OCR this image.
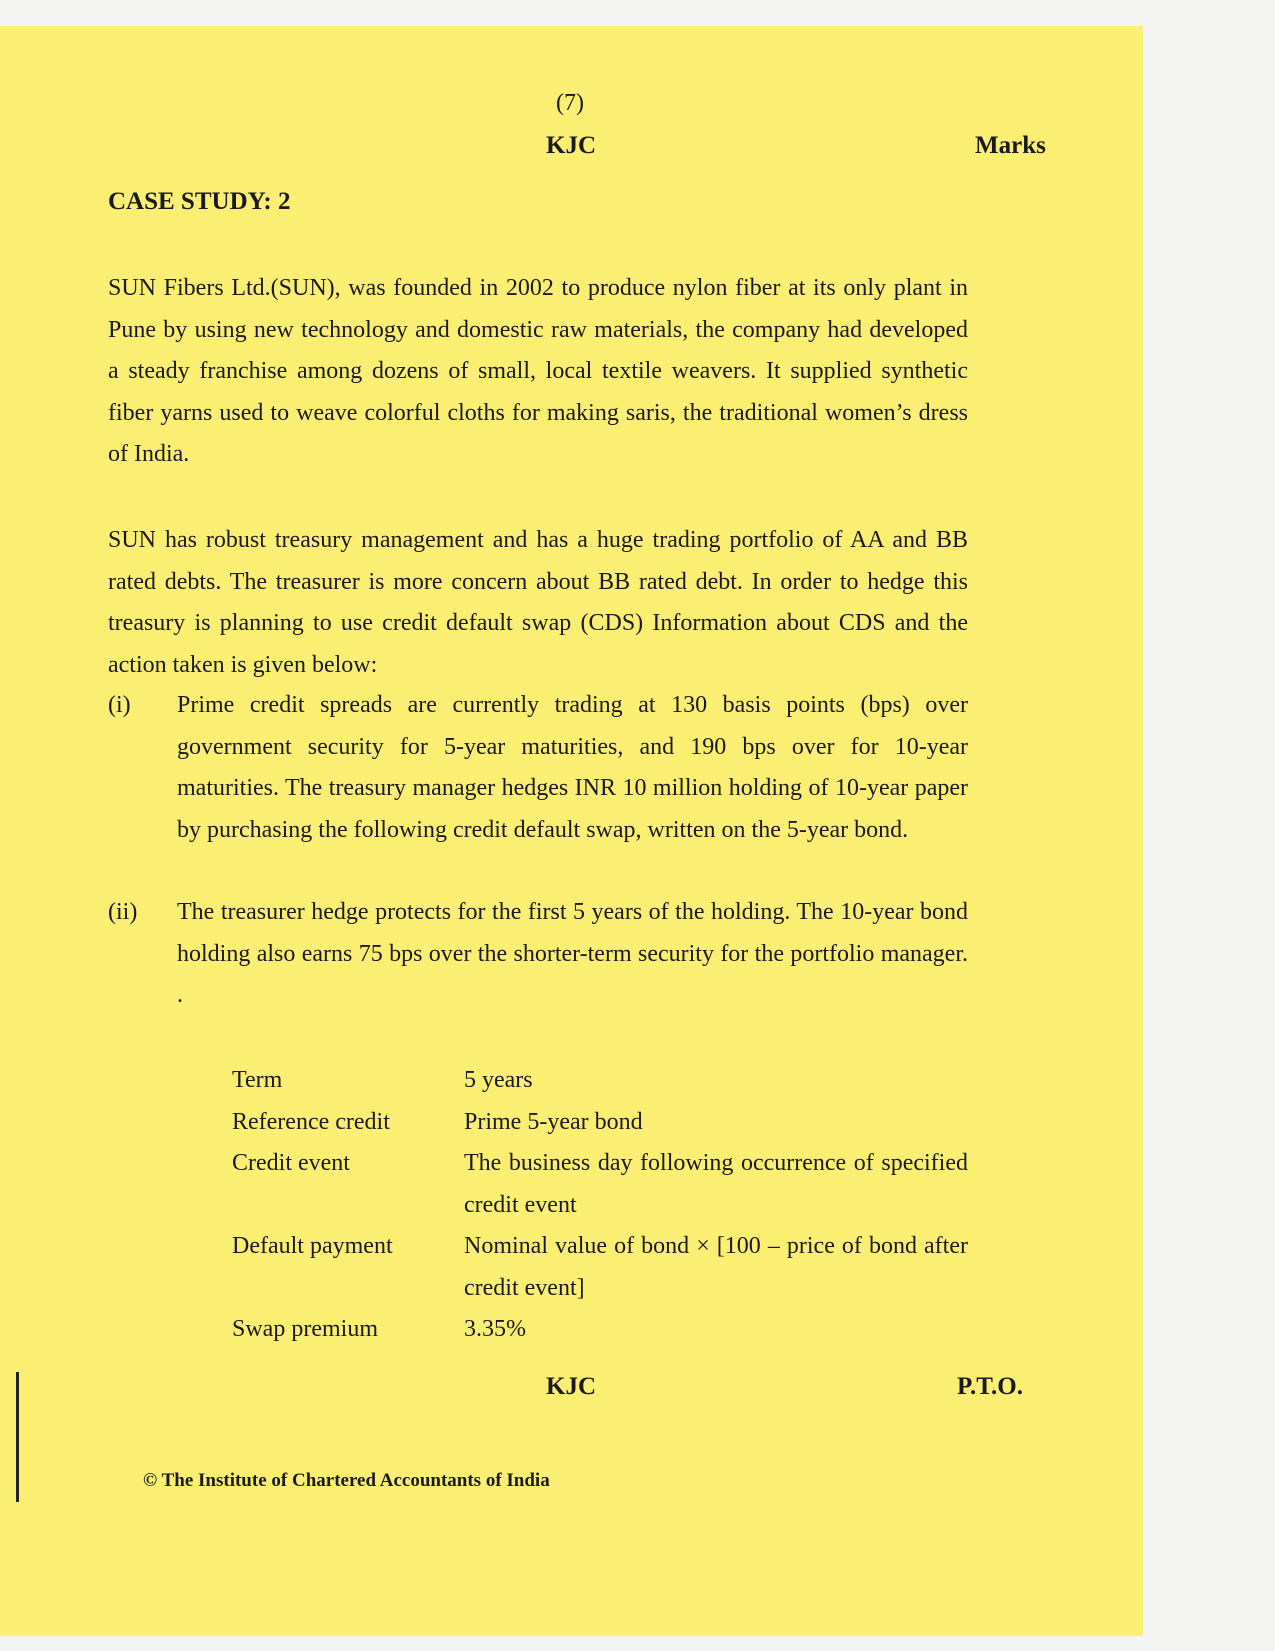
(7)
KJC	Marks
CASE STUDY: 2
SUN Fibers Ltd.(SUN), was founded in 2002 to produce nylon fiber at its only plant in Pune by using new technology and domestic raw materials, the company had developed a steady franchise among dozens of small, local textile weavers. It supplied synthetic fiber yarns used to weave colorful cloths for making saris, the traditional women’s dress of India.
SUN has robust treasury management and has a huge trading portfolio of AA and BB rated debts. The treasurer is more concern about BB rated debt. In order to hedge this treasury is planning to use credit default swap (CDS) Information about CDS and the action taken is given below:
(i) Prime credit spreads are currently trading at 130 basis points (bps) over government security for 5-year maturities, and 190 bps over for 10-year maturities. The treasury manager hedges INR 10 million holding of 10-year paper by purchasing the following credit default swap, written on the 5-year bond.
(ii) The treasurer hedge protects for the first 5 years of the holding. The 10-year bond holding also earns 75 bps over the shorter-term security for the portfolio manager. .
Term	5 years
Reference credit	Prime 5-year bond
Credit event	The business day following occurrence of specified credit event
Default payment	Nominal value of bond × [100 – price of bond after credit event]
Swap premium	3.35%
KJC	P.T.O.
© The Institute of Chartered Accountants of India
